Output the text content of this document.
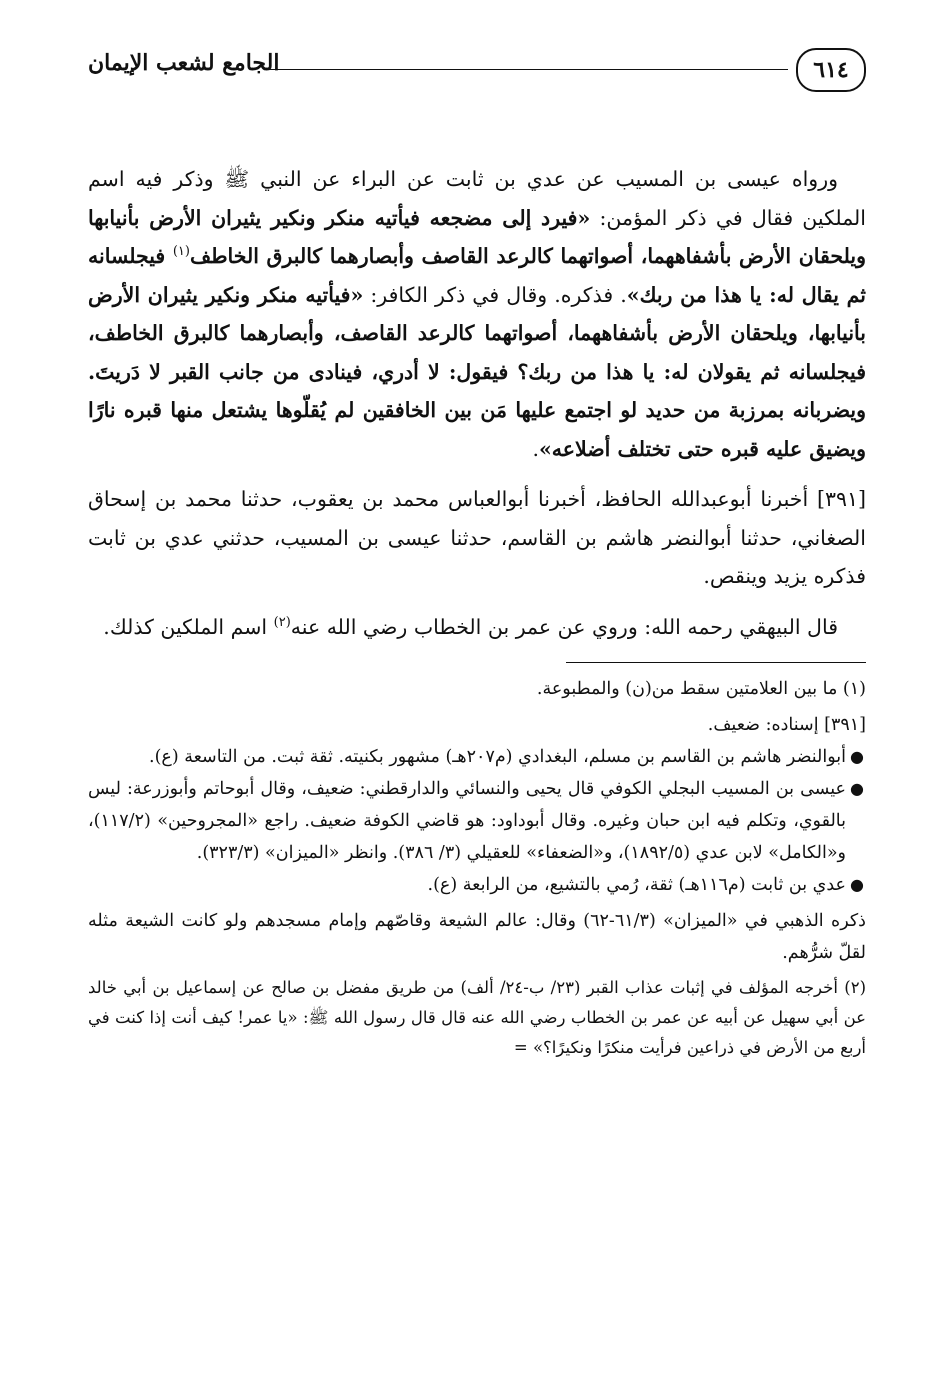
٦١٤
الجامع لشعب الإيمان

ورواه عيسى بن المسيب عن عدي بن ثابت عن البراء عن النبي ﷺ وذكر فيه اسم الملكين فقال في ذكر المؤمن: «فيرد إلى مضجعه فيأتيه منكر ونكير يثيران الأرض بأنيابها ويلحقان الأرض بأشفاههما، أصواتهما كالرعد القاصف وأبصارهما كالبرق الخاطف$^{(١)}$ فيجلسانه ثم يقال له: يا هذا من ربك». فذكره. وقال في ذكر الكافر: «فيأتيه منكر ونكير يثيران الأرض بأنيابها، ويلحقان الأرض بأشفاههما، أصواتهما كالرعد القاصف، وأبصارهما كالبرق الخاطف، فيجلسانه ثم يقولان له: يا هذا من ربك؟ فيقول: لا أدري، فينادى من جانب القبر لا دَريتَ. ويضربانه بمرزبة من حديد لو اجتمع عليها مَن بين الخافقين لم يُقلّوها يشتعل منها قبره نارًا ويضيق عليه قبره حتى تختلف أضلاعه».

[٣٩١] أخبرنا أبوعبدالله الحافظ، أخبرنا أبوالعباس محمد بن يعقوب، حدثنا محمد بن إسحاق الصغاني، حدثنا أبوالنضر هاشم بن القاسم، حدثنا عيسى بن المسيب، حدثني عدي بن ثابت فذكره يزيد وينقص.

قال البيهقي رحمه الله: وروي عن عمر بن الخطاب رضي الله عنه$^{(٢)}$ اسم الملكين كذلك.

(١) ما بين العلامتين سقط من(ن) والمطبوعة.

[٣٩١] إسناده: ضعيف.

●
أبوالنضر هاشم بن القاسم بن مسلم، البغدادي (م٢٠٧هـ) مشهور بكنيته. ثقة ثبت. من التاسعة (ع).
●
عيسى بن المسيب البجلي الكوفي قال يحيى والنسائي والدارقطني: ضعيف، وقال أبوحاتم وأبوزرعة: ليس بالقوي، وتكلم فيه ابن حبان وغيره. وقال أبوداود: هو قاضي الكوفة ضعيف. راجع «المجروحين» (١١٧/٢)، و«الكامل» لابن عدي (١٨٩٢/٥)، و«الضعفاء» للعقيلي (٣/ ٣٨٦). وانظر «الميزان» (٣٢٣/٣).
●
عدي بن ثابت (م١١٦هـ) ثقة، رُمي بالتشيع، من الرابعة (ع).

ذكره الذهبي في «الميزان» (٦١/٣-٦٢) وقال: عالم الشيعة وقاصّهم وإمام مسجدهم ولو كانت الشيعة مثله لقلّ شرُّهم.

(٢) أخرجه المؤلف في إثبات عذاب القبر (٢٣/ ب-٢٤/ ألف) من طريق مفضل بن صالح عن إسماعيل بن أبي خالد عن أبي سهيل عن أبيه عن عمر بن الخطاب رضي الله عنه قال قال رسول الله ﷺ: «يا عمر! كيف أنت إذا كنت في أربع من الأرض في ذراعين فرأيت منكرًا ونكيرًا؟» =
